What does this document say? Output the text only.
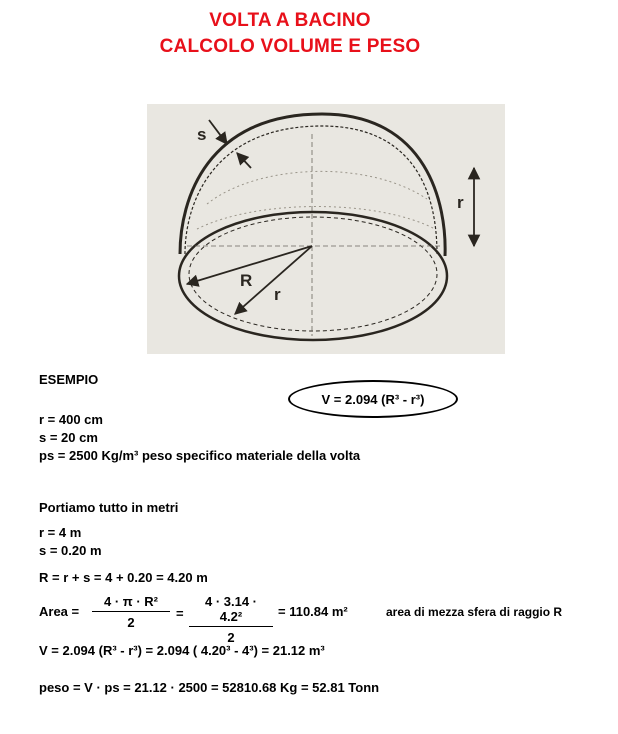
VOLTA A BACINO
CALCOLO VOLUME E PESO
s
r
R
r
ESEMPIO
V = 2.094 (R³ - r³)
r = 400 cm
s = 20 cm
ps = 2500 Kg/m³ peso specifico materiale della volta
Portiamo tutto in metri
r = 4 m
s = 0.20 m
R = r + s = 4 + 0.20 = 4.20 m
Area = $\frac{\text{4 · π · R²}}{2} = \frac{\text{4 · 3.14 · 4.2²}}{2} = 110.84$ m²	area di mezza sfera di raggio R
V = 2.094 (R³ - r³) = 2.094 ( 4.20³ - 4³) = 21.12 m³
peso = V · ps = 21.12 · 2500 = 52810.68 Kg = 52.81 Tonn
